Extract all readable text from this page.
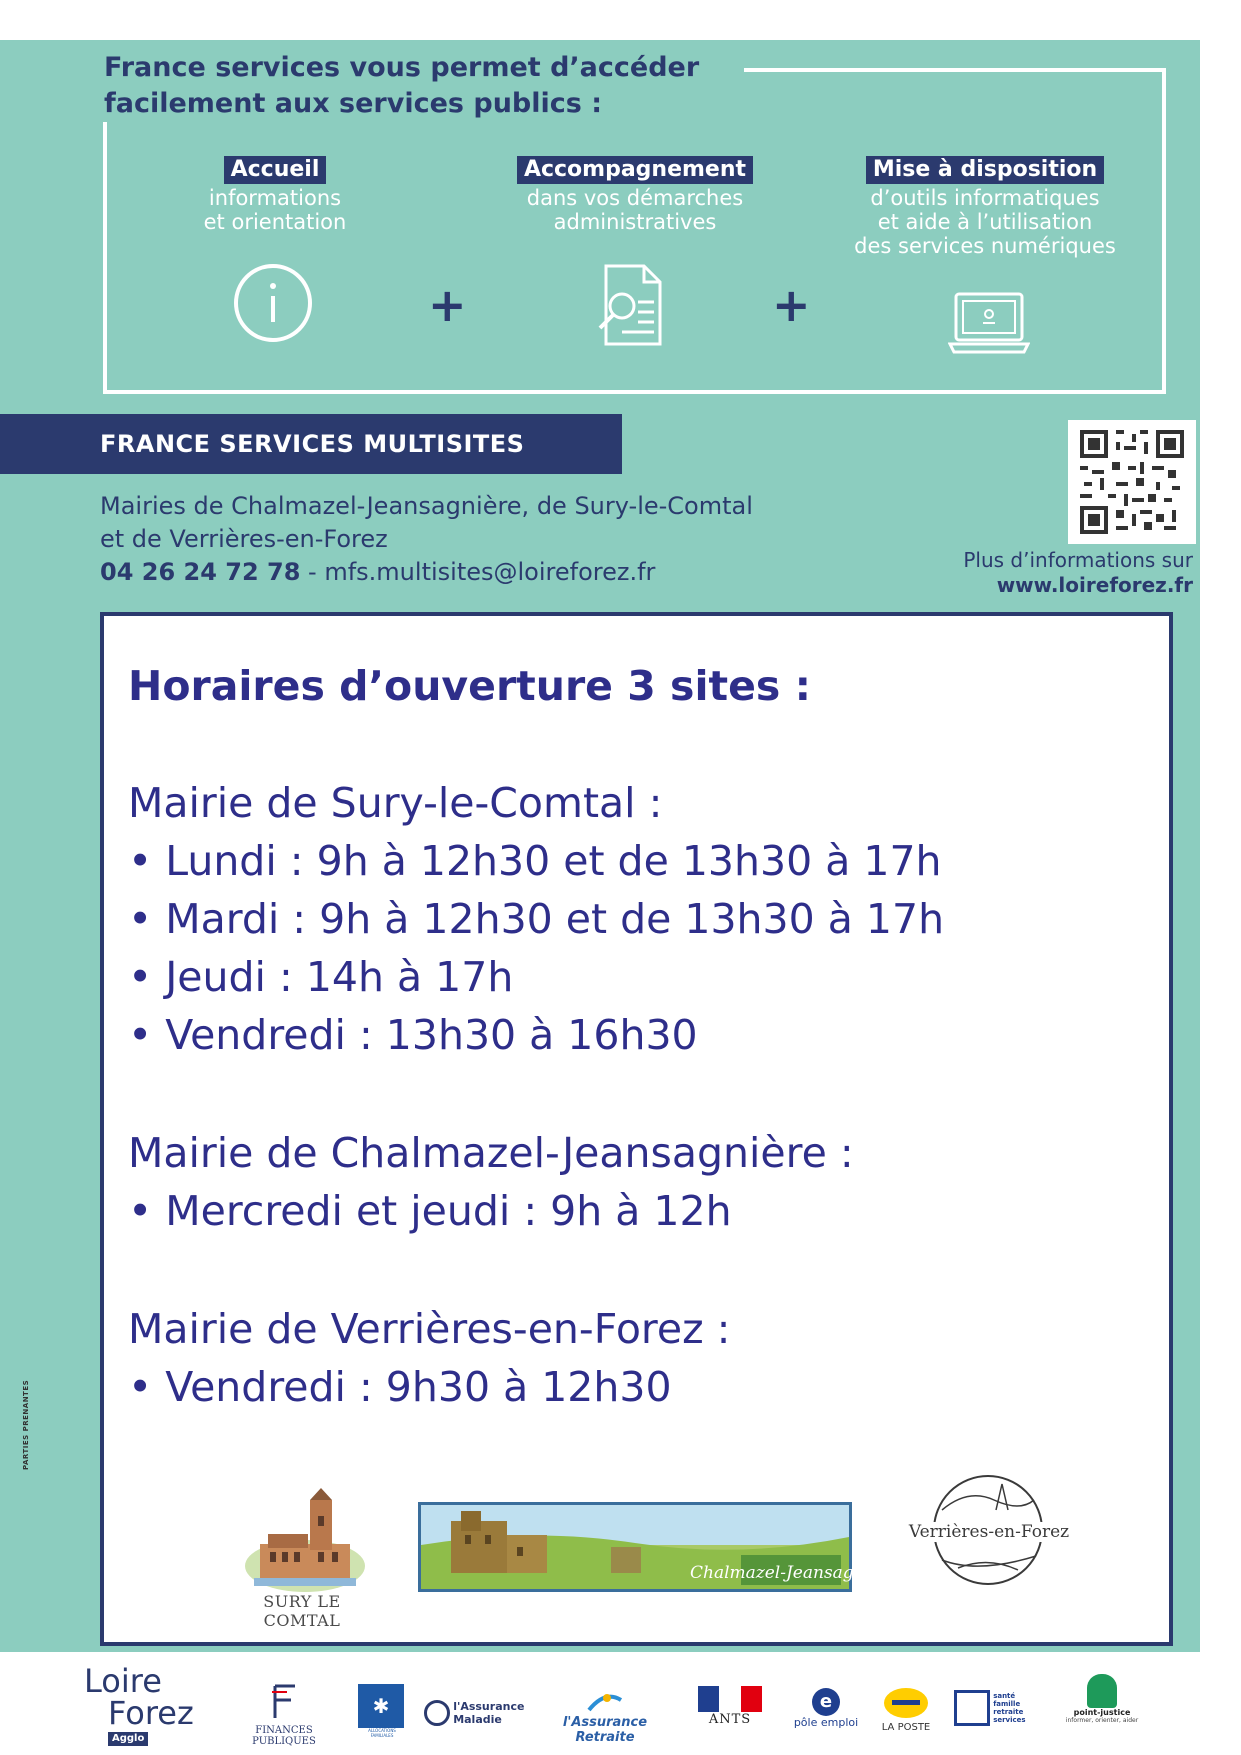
France services vous permet d’accéder
facilement aux services publics :
Accueil
informations
et orientation
Accompagnement
dans vos démarches
administratives
Mise à disposition
d’outils informatiques
et aide à l’utilisation
des services numériques
+	+
FRANCE SERVICES MULTISITES
Mairies de Chalmazel-Jeansagnière, de Sury-le-Comtal
et de Verrières-en-Forez
04 26 24 72 78 - mfs.multisites@loireforez.fr	Plus d’informations sur
www.loireforez.fr
Horaires d’ouverture 3 sites :
Mairie de Sury-le-Comtal :
• Lundi : 9h à 12h30 et de 13h30 à 17h
• Mardi : 9h à 12h30 et de 13h30 à 17h
• Jeudi : 14h à 17h
• Vendredi : 13h30 à 16h30
Mairie de Chalmazel-Jeansagnière :
• Mercredi et jeudi : 9h à 12h
Mairie de Verrières-en-Forez :
• Vendredi : 9h30 à 12h30
SURY LE COMTAL
Chalmazel-Jeansagnière
Verrières-en-Forez
PARTIES PRENANTES
Loire
Forez
Agglo
FINANCES PUBLIQUES
✱
ALLOCATIONS FAMILIALES
l'Assurance Maladie	l'Assurance Retraite
ANTS
e
pôle emploi	LA POSTE
santé famille retraite services
point-justice
informer, orienter, aider
